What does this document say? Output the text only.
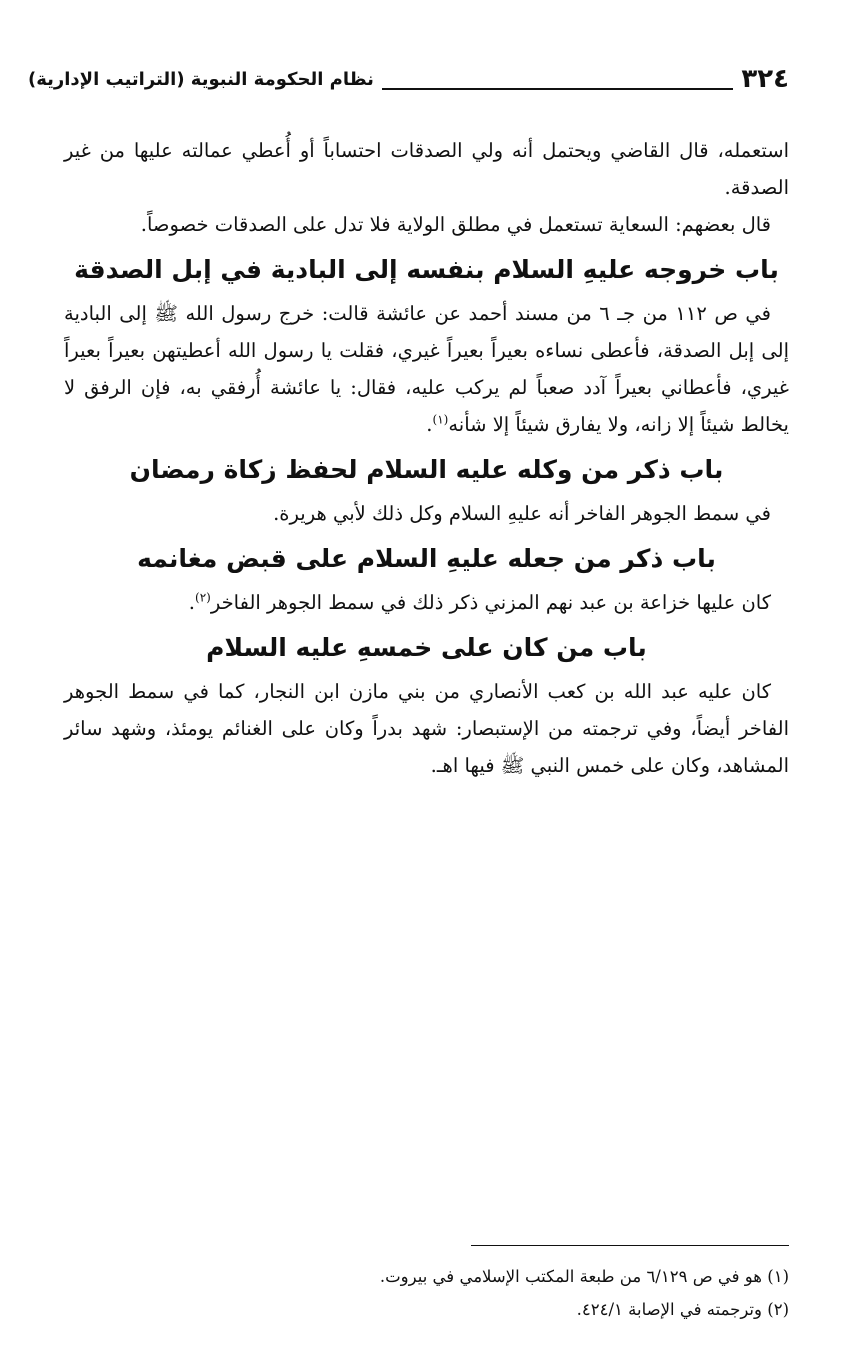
٣٢٤
نظام الحكومة النبوية (التراتيب الإدارية)

استعمله، قال القاضي ويحتمل أنه ولي الصدقات احتساباً أو أُعطي عمالته عليها من غير الصدقة.

قال بعضهم: السعاية تستعمل في مطلق الولاية فلا تدل على الصدقات خصوصاً.

باب خروجه عليهِ السلام بنفسه إلى البادية في إبل الصدقة

في ص ١١٢ من جـ ٦ من مسند أحمد عن عائشة قالت: خرج رسول الله ﷺ إلى البادية إلى إبل الصدقة، فأعطى نساءه بعيراً بعيراً غيري، فقلت يا رسول الله أعطيتهن بعيراً بعيراً غيري، فأعطاني بعيراً آدد صعباً لم يركب عليه، فقال: يا عائشة أُرفقي به، فإن الرفق لا يخالط شيئاً إلا زانه، ولا يفارق شيئاً إلا شأنه$^{(١)}$.

باب ذكر من وكله عليه السلام لحفظ زكاة رمضان

في سمط الجوهر الفاخر أنه عليهِ السلام وكل ذلك لأبي هريرة.

باب ذكر من جعله عليهِ السلام على قبض مغانمه

كان عليها خزاعة بن عبد نهم المزني ذكر ذلك في سمط الجوهر الفاخر$^{(٢)}$.

باب من كان على خمسهِ عليه السلام

كان عليه عبد الله بن كعب الأنصاري من بني مازن ابن النجار، كما في سمط الجوهر الفاخر أيضاً، وفي ترجمته من الإستبصار: شهد بدراً وكان على الغنائم يومئذ، وشهد سائر المشاهد، وكان على خمس النبي ﷺ فيها اهـ.

(١) هو في ص ٦/١٢٩ من طبعة المكتب الإسلامي في بيروت.

(٢) وترجمته في الإصابة ٤٢٤/١.
